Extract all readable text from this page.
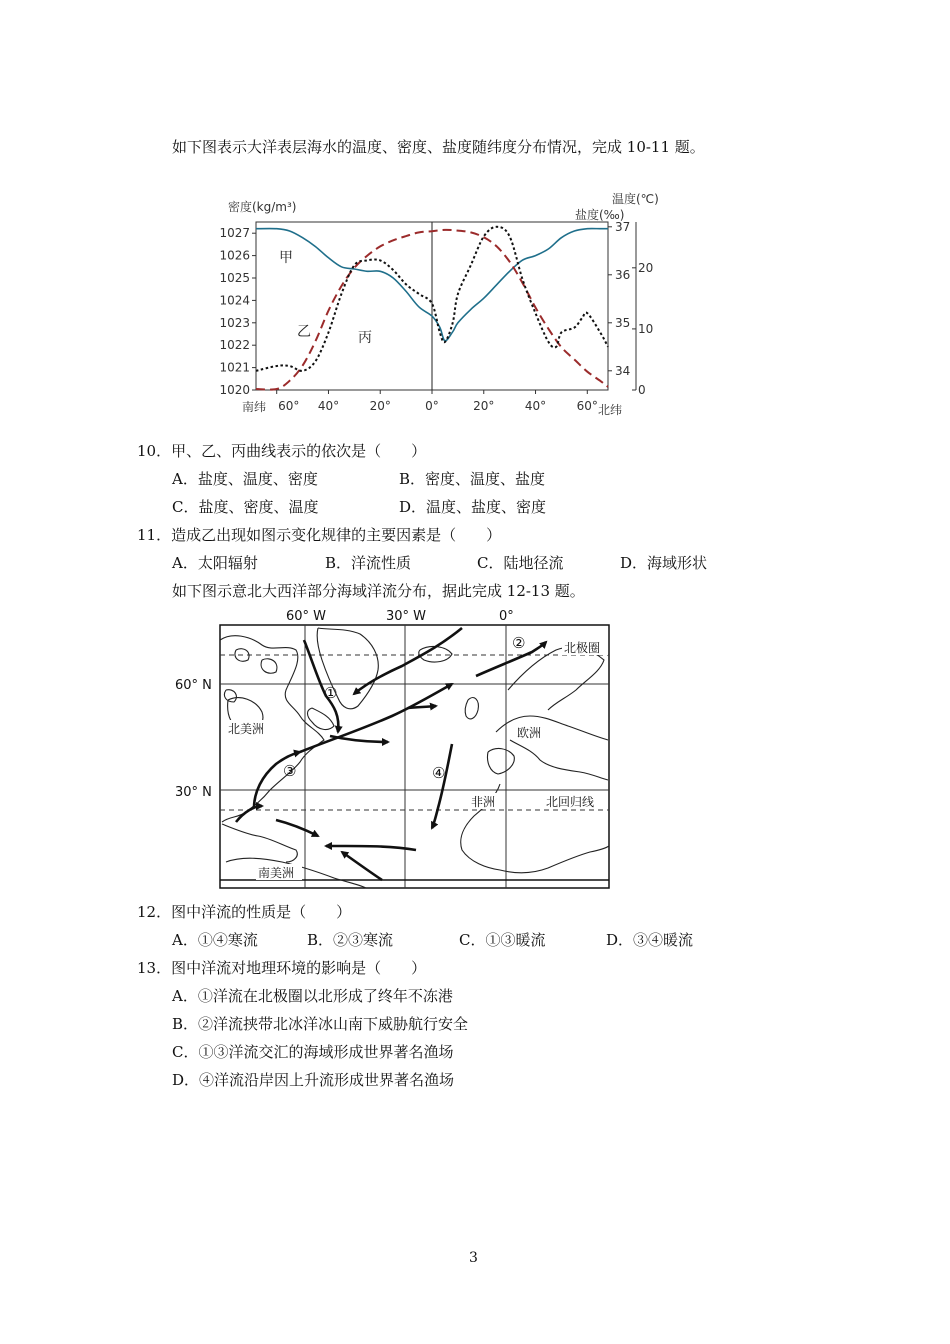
如下图表示大洋表层海水的温度、密度、盐度随纬度分布情况，完成 10-11 题。
密度(kg/m³)
温度(℃)
盐度(‰)
南纬	北纬
60° 40°	20°	0°	20°	40°	60°
1027
1026
1025
1024
1023
1022
1021
1020
37
36
35
34
20
10
0
甲
乙	丙
10．甲、乙、丙曲线表示的依次是（　　）
A．盐度、温度、密度	B．密度、温度、盐度
C．盐度、密度、温度	D．温度、盐度、密度
11．造成乙出现如图示变化规律的主要因素是（　　）
A．太阳辐射	B．洋流性质	C．陆地径流	D．海域形状
如下图示意北大西洋部分海域洋流分布，据此完成 12-13 题。
60° W	30° W	0°
60° N
30° N
北美洲	欧洲
非洲
南美洲
北极圈
北回归线
①
②
③	④
12．图中洋流的性质是（　　）
A．①④寒流	B．②③寒流	C．①③暖流	D．③④暖流
13．图中洋流对地理环境的影响是（　　）
A．①洋流在北极圈以北形成了终年不冻港
B．②洋流挟带北冰洋冰山南下威胁航行安全
C．①③洋流交汇的海域形成世界著名渔场
D．④洋流沿岸因上升流形成世界著名渔场
3
